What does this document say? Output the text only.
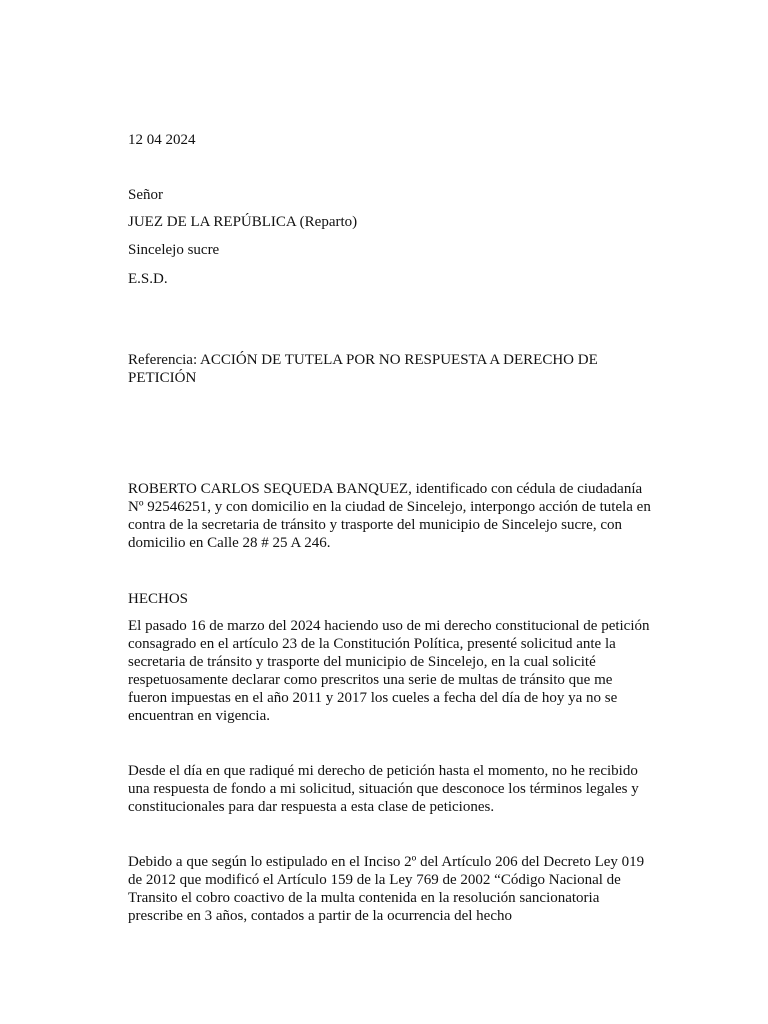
12 04 2024

Señor

JUEZ DE LA REPÚBLICA (Reparto)

Sincelejo sucre

E.S.D.

Referencia: ACCIÓN DE TUTELA POR NO RESPUESTA A DERECHO DE
PETICIÓN

ROBERTO CARLOS SEQUEDA BANQUEZ, identificado con cédula de ciudadanía
Nº 92546251, y con domicilio en la ciudad de Sincelejo, interpongo acción de tutela en
contra de la secretaria de tránsito y trasporte del municipio de Sincelejo sucre, con
domicilio en Calle 28 # 25 A 246.

HECHOS

El pasado 16 de marzo del 2024 haciendo uso de mi derecho constitucional de petición
consagrado en el artículo 23 de la Constitución Política, presenté solicitud ante la
secretaria de tránsito y trasporte del municipio de Sincelejo, en la cual solicité
respetuosamente declarar como prescritos una serie de multas de tránsito que me
fueron impuestas en el año 2011 y 2017 los cueles a fecha del día de hoy ya no se
encuentran en vigencia.

Desde el día en que radiqué mi derecho de petición hasta el momento, no he recibido
una respuesta de fondo a mi solicitud, situación que desconoce los términos legales y
constitucionales para dar respuesta a esta clase de peticiones.

Debido a que según lo estipulado en el Inciso 2º del Artículo 206 del Decreto Ley 019
de 2012 que modificó el Artículo 159 de la Ley 769 de 2002 “Código Nacional de
Transito el cobro coactivo de la multa contenida en la resolución sancionatoria
prescribe en 3 años, contados a partir de la ocurrencia del hecho
